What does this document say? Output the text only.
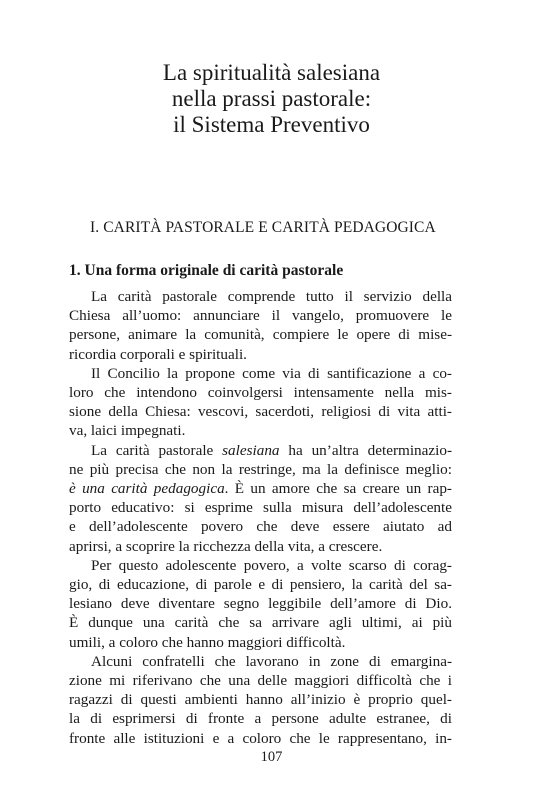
La spiritualità salesiana
nella prassi pastorale:
il Sistema Preventivo
I. CARITÀ PASTORALE E CARITÀ PEDAGOGICA
1. Una forma originale di carità pastorale

La carità pastorale comprende tutto il servizio della
Chiesa all’uomo: annunciare il vangelo, promuovere le
persone, animare la comunità, compiere le opere di mise-
ricordia corporali e spirituali.

Il Concilio la propone come via di santificazione a co-
loro che intendono coinvolgersi intensamente nella mis-
sione della Chiesa: vescovi, sacerdoti, religiosi di vita atti-
va, laici impegnati.

La carità pastorale salesiana ha un’altra determinazio-
ne più precisa che non la restringe, ma la definisce meglio:
è una carità pedagogica. È un amore che sa creare un rap-
porto educativo: si esprime sulla misura dell’adolescente
e dell’adolescente povero che deve essere aiutato ad
aprirsi, a scoprire la ricchezza della vita, a crescere.

Per questo adolescente povero, a volte scarso di corag-
gio, di educazione, di parole e di pensiero, la carità del sa-
lesiano deve diventare segno leggibile dell’amore di Dio.
È dunque una carità che sa arrivare agli ultimi, ai più
umili, a coloro che hanno maggiori difficoltà.

Alcuni confratelli che lavorano in zone di emargina-
zione mi riferivano che una delle maggiori difficoltà che i
ragazzi di questi ambienti hanno all’inizio è proprio quel-
la di esprimersi di fronte a persone adulte estranee, di
fronte alle istituzioni e a coloro che le rappresentano, in-

107
